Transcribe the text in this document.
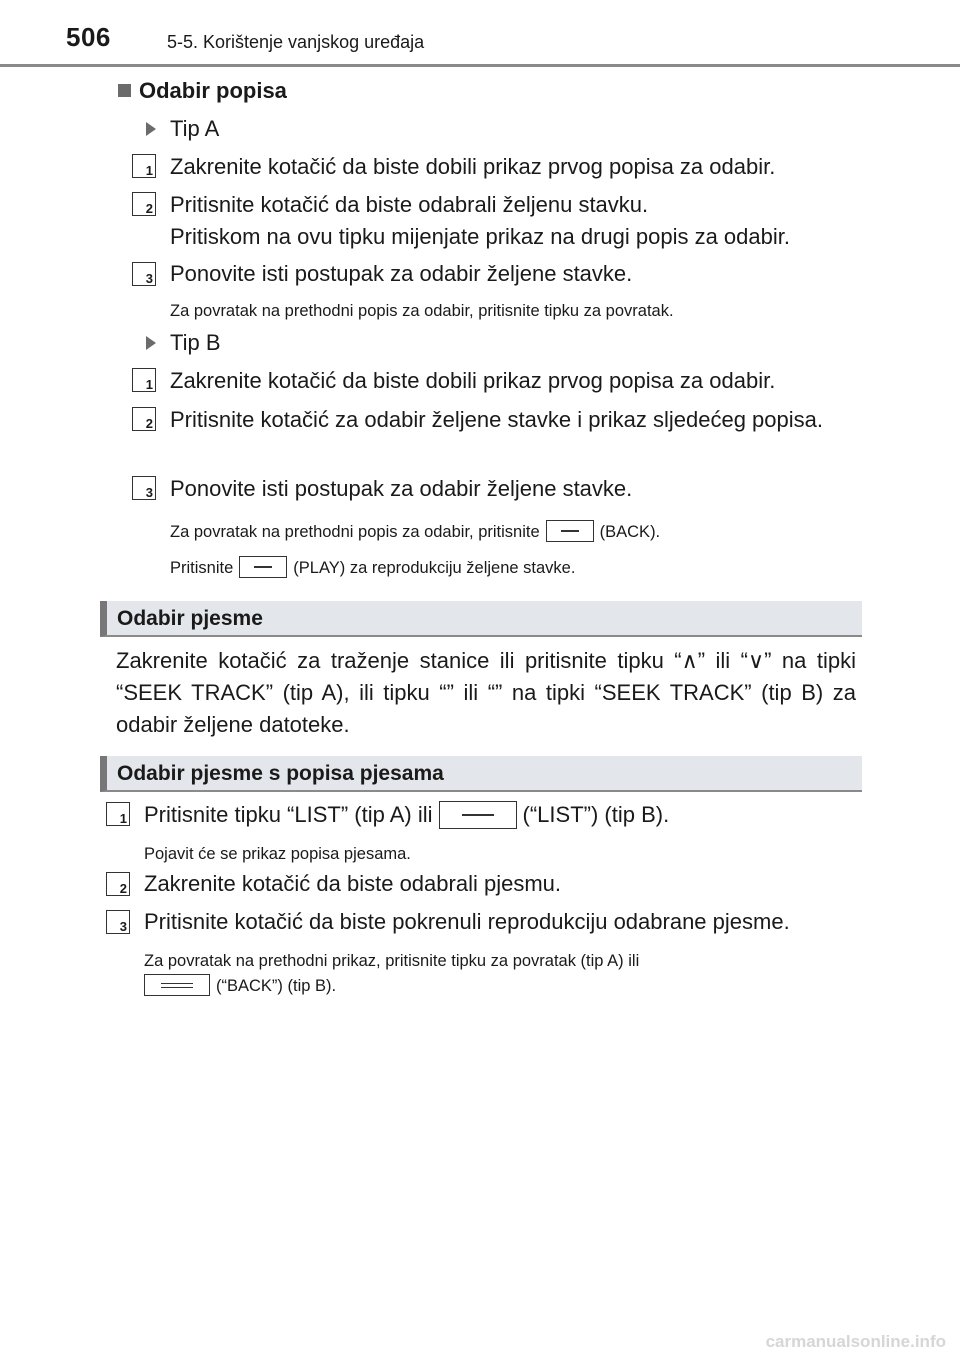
506	5-5. Korištenje vanjskog uređaja
Odabir popisa
Tip A
1 Zakrenite kotačić da biste dobili prikaz prvog popisa za odabir.
2 Pritisnite kotačić da biste odabrali željenu stavku.
Pritiskom na ovu tipku mijenjate prikaz na drugi popis za odabir.
3 Ponovite isti postupak za odabir željene stavke.
Za povratak na prethodni popis za odabir, pritisnite tipku za povratak.
Tip B
1 Zakrenite kotačić da biste dobili prikaz prvog popisa za odabir.
2 Pritisnite kotačić za odabir željene stavke i prikaz sljedećeg popisa.
3 Ponovite isti postupak za odabir željene stavke.
Za povratak na prethodni popis za odabir, pritisnite	(BACK).
Pritisnite	(PLAY) za reprodukciju željene stavke.
Odabir pjesme
Zakrenite kotačić za traženje stanice ili pritisnite tipku “∧” ili “∨” na tipki “SEEK TRACK” (tip A), ili tipku “” ili “” na tipki “SEEK TRACK” (tip B) za odabir željene datoteke.
Odabir pjesme s popisa pjesama
1 Pritisnite tipku “LIST” (tip A) ili	(“LIST”) (tip B).
Pojavit će se prikaz popisa pjesama.
2 Zakrenite kotačić da biste odabrali pjesmu.
3 Pritisnite kotačić da biste pokrenuli reprodukciju odabrane pjesme.
Za povratak na prethodni prikaz, pritisnite tipku za povratak (tip A) ili
(“BACK”) (tip B).
carmanualsonline.info
